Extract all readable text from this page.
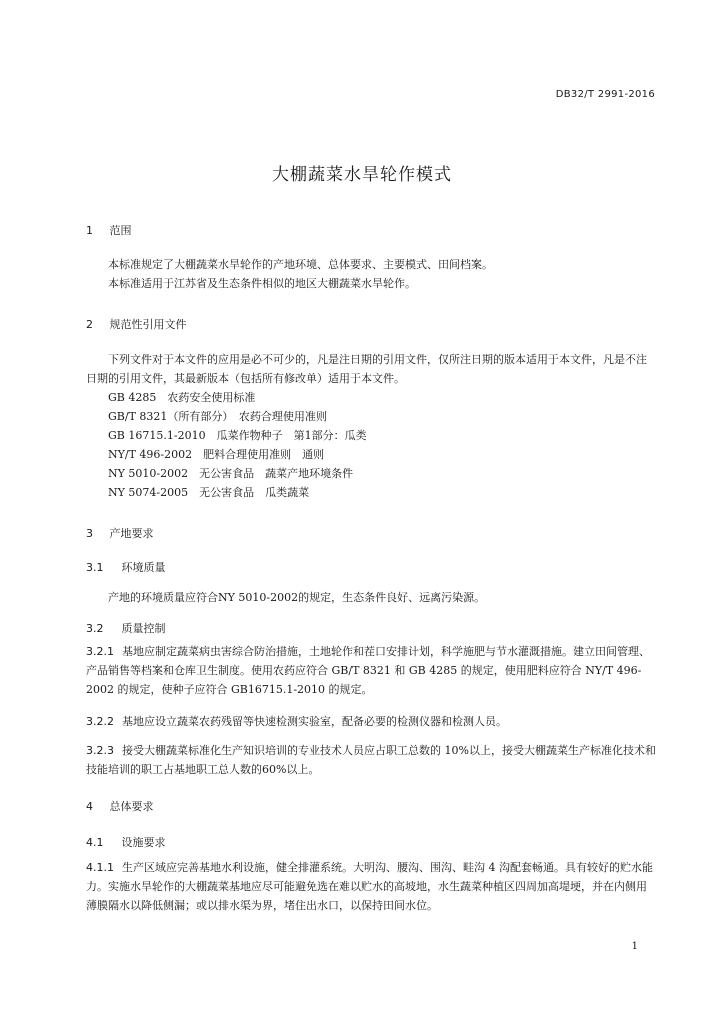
DB32/T 2991-2016
大棚蔬菜水旱轮作模式
1 范围
本标准规定了大棚蔬菜水旱轮作的产地环境、总体要求、主要模式、田间档案。
本标准适用于江苏省及生态条件相似的地区大棚蔬菜水旱轮作。
2 规范性引用文件
下列文件对于本文件的应用是必不可少的，凡是注日期的引用文件，仅所注日期的版本适用于本文件，凡是不注日期的引用文件，其最新版本（包括所有修改单）适用于本文件。
GB 4285　农药安全使用标准
GB/T 8321（所有部分）　农药合理使用准则
GB 16715.1-2010　瓜菜作物种子　第1部分：瓜类
NY/T 496-2002　肥料合理使用准则　通则
NY 5010-2002　无公害食品　蔬菜产地环境条件
NY 5074-2005　无公害食品　瓜类蔬菜
3 产地要求
3.1 环境质量
产地的环境质量应符合NY 5010-2002的规定，生态条件良好、远离污染源。
3.2 质量控制
3.2.1 基地应制定蔬菜病虫害综合防治措施，土地轮作和茬口安排计划，科学施肥与节水灌溉措施。建立田间管理、产品销售等档案和仓库卫生制度。使用农药应符合 GB/T 8321 和 GB 4285 的规定，使用肥料应符合 NY/T 496-2002 的规定，使种子应符合 GB16715.1-2010 的规定。
3.2.2 基地应设立蔬菜农药残留等快速检测实验室，配备必要的检测仪器和检测人员。
3.2.3 接受大棚蔬菜标准化生产知识培训的专业技术人员应占职工总数的 10%以上，接受大棚蔬菜生产标准化技术和技能培训的职工占基地职工总人数的60%以上。
4 总体要求
4.1 设施要求
4.1.1 生产区域应完善基地水利设施，健全排灌系统。大明沟、腰沟、围沟、畦沟 4 沟配套畅通。具有较好的贮水能力。实施水旱轮作的大棚蔬菜基地应尽可能避免选在难以贮水的高坡地，水生蔬菜种植区四周加高堤埂，并在内侧用薄膜隔水以降低侧漏；或以排水渠为界，堵住出水口，以保持田间水位。
1
